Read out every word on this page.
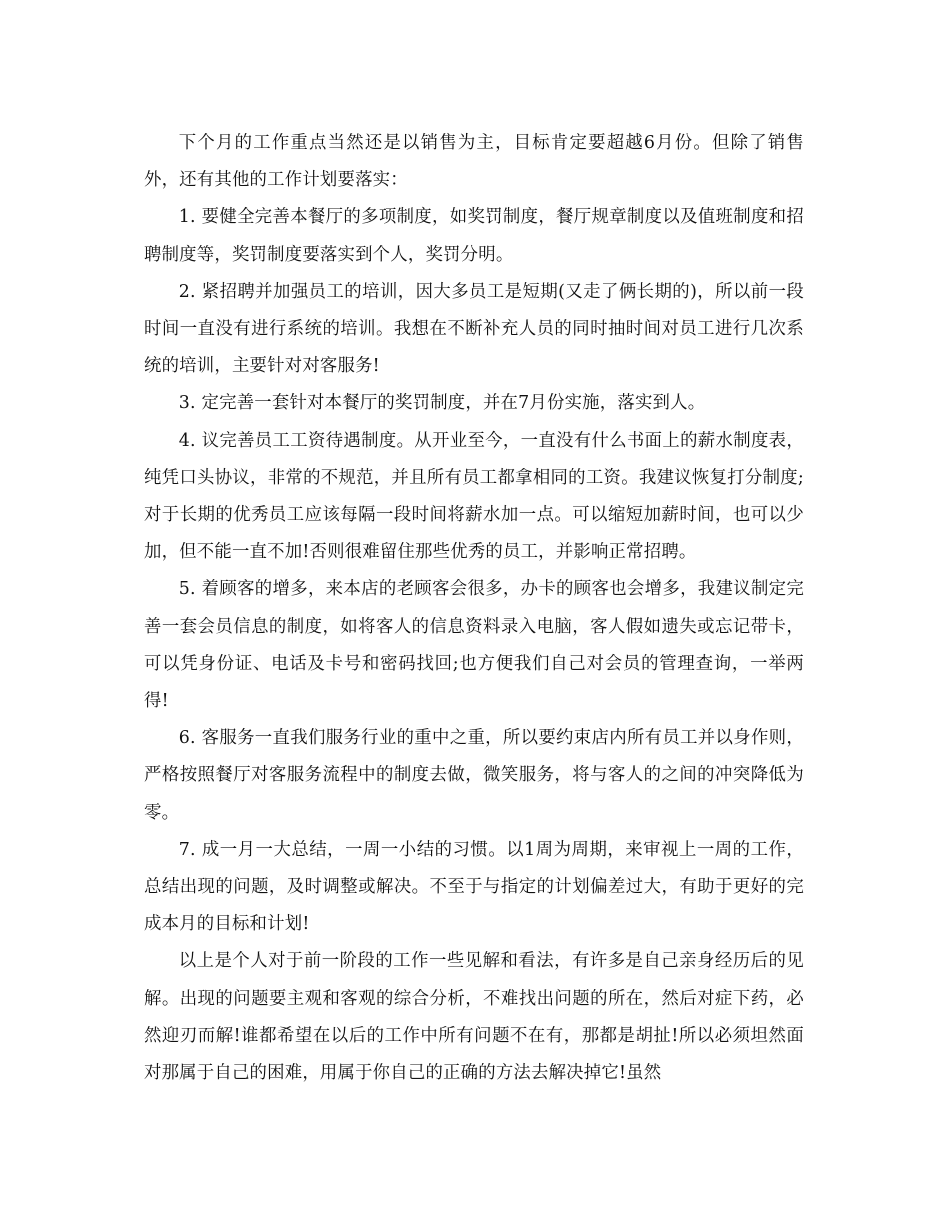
下个月的工作重点当然还是以销售为主，目标肯定要超越6月份。但除了销售外，还有其他的工作计划要落实：

1. 要健全完善本餐厅的多项制度，如奖罚制度，餐厅规章制度以及值班制度和招聘制度等，奖罚制度要落实到个人，奖罚分明。

2. 紧招聘并加强员工的培训，因大多员工是短期(又走了俩长期的)，所以前一段时间一直没有进行系统的培训。我想在不断补充人员的同时抽时间对员工进行几次系统的培训，主要针对对客服务!

3. 定完善一套针对本餐厅的奖罚制度，并在7月份实施，落实到人。

4. 议完善员工工资待遇制度。从开业至今，一直没有什么书面上的薪水制度表，纯凭口头协议，非常的不规范，并且所有员工都拿相同的工资。我建议恢复打分制度; 对于长期的优秀员工应该每隔一段时间将薪水加一点。可以缩短加薪时间，也可以少加，但不能一直不加!否则很难留住那些优秀的员工，并影响正常招聘。

5. 着顾客的增多，来本店的老顾客会很多，办卡的顾客也会增多，我建议制定完善一套会员信息的制度，如将客人的信息资料录入电脑，客人假如遗失或忘记带卡，可以凭身份证、电话及卡号和密码找回;也方便我们自己对会员的管理查询，一举两得!

6. 客服务一直我们服务行业的重中之重，所以要约束店内所有员工并以身作则，严格按照餐厅对客服务流程中的制度去做，微笑服务，将与客人的之间的冲突降低为零。

7. 成一月一大总结，一周一小结的习惯。以1周为周期，来审视上一周的工作，总结出现的问题，及时调整或解决。不至于与指定的计划偏差过大，有助于更好的完成本月的目标和计划!

以上是个人对于前一阶段的工作一些见解和看法，有许多是自己亲身经历后的见解。出现的问题要主观和客观的综合分析，不难找出问题的所在，然后对症下药，必然迎刃而解!谁都希望在以后的工作中所有问题不在有，那都是胡扯!所以必须坦然面对那属于自己的困难，用属于你自己的正确的方法去解决掉它!虽然
